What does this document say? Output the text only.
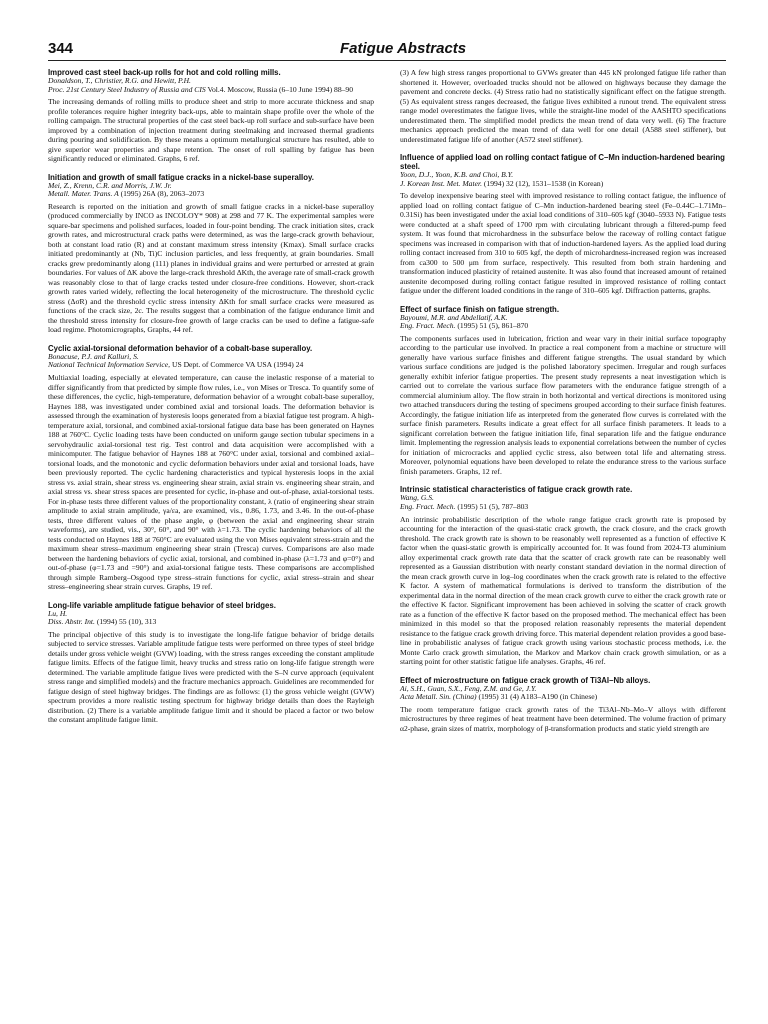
344	Fatigue Abstracts

Improved cast steel back-up rolls for hot and cold rolling mills.

Donaldson, T., Christier, R.G. and Hewitt, P.H.

Proc. 21st Century Steel Industry of Russia and CIS Vol.4. Moscow, Russia (6–10 June 1994) 88–90

The increasing demands of rolling mills to produce sheet and strip to more accurate thickness and snap profile tolerances require higher integrity back-ups, able to maintain shape profile over the whole of the rolling campaign. The structural properties of the cast steel back-up roll surface and sub-surface have been improved by a combination of injection treatment during steelmaking and increased thermal gradients during pouring and solidification. By these means a optimum metallurgical structure has resulted, able to give superior wear properties and shape retention. The onset of roll spalling by fatigue has been significantly reduced or eliminated. Graphs, 6 ref.

Initiation and growth of small fatigue cracks in a nickel-base superalloy.

Mei, Z., Krenn, C.R. and Morris, J.W. Jr.

Metall. Mater. Trans. A (1995) 26A (8), 2063–2073

Research is reported on the initiation and growth of small fatigue cracks in a nickel-base superalloy (produced commercially by INCO as INCOLOY* 908) at 298 and 77 K. The experimental samples were square-bar specimens and polished surfaces, loaded in four-point bending. The crack initiation sites, crack growth rates, and microstructural crack paths were determined, as was the large-crack growth behaviour, both at constant load ratio (R) and at constant maximum stress intensity (Kmax). Small surface cracks initiated predominantly at (Nb, Ti)C inclusion particles, and less frequently, at grain boundaries. Small cracks grew predominantly along (111) planes in individual grains and were perturbed or arrested at grain boundaries. For values of ΔK above the large-crack threshold ΔKth, the average rate of small-crack growth was reasonably close to that of large cracks tested under closure-free conditions. However, short-crack growth rates varied widely, reflecting the local heterogeneity of the microstructure. The threshold cyclic stress (ΔσR) and the threshold cyclic stress intensity ΔKth for small surface cracks were measured as functions of the crack size, 2c. The results suggest that a combination of the fatigue endurance limit and the threshold stress intensity for closure-free growth of large cracks can be used to define a fatigue-safe load regime. Photomicrographs, Graphs, 44 ref.

Cyclic axial-torsional deformation behavior of a cobalt-base superalloy.

Bonacuse, P.J. and Kalluri, S.

National Technical Information Service, US Dept. of Commerce VA USA (1994) 24

Multiaxial loading, especially at elevated temperature, can cause the inelastic response of a material to differ significantly from that predicted by simple flow rules, i.e., von Mises or Tresca. To quantify some of these differences, the cyclic, high-temperature, deformation behavior of a wrought cobalt-base superalloy, Haynes 188, was investigated under combined axial and torsional loads. The deformation behavior is assessed through the examination of hysteresis loops generated from a biaxial fatigue test program. A high-temperature axial, torsional, and combined axial-torsional fatigue data base has been generated on Haynes 188 at 760°C. Cyclic loading tests have been conducted on uniform gauge section tubular specimens in a servohydraulic axial-torsional test rig. Test control and data acquisition were accomplished with a minicomputer. The fatigue behavior of Haynes 188 at 760°C under axial, torsional and combined axial–torsional loads, and the monotonic and cyclic deformation behaviors under axial and torsional loads, have been previously reported. The cyclic hardening characteristics and typical hysteresis loops in the axial stress vs. axial strain, shear stress vs. engineering shear strain, axial strain vs. engineering shear strain, and axial stress vs. shear stress spaces are presented for cyclic, in-phase and out-of-phase, axial-torsional tests. For in-phase tests three different values of the proportionality constant, λ (ratio of engineering shear strain amplitude to axial strain amplitude, γa/εa, are examined, vis., 0.86, 1.73, and 3.46. In the out-of-phase tests, three different values of the phase angle, φ (between the axial and engineering shear strain waveforms), are studied, vis., 30°, 60°, and 90° with λ=1.73. The cyclic hardening behaviors of all the tests conducted on Haynes 188 at 760°C are evaluated using the von Mises equivalent stress-strain and the maximum shear stress–maximum engineering shear strain (Tresca) curves. Comparisons are also made between the hardening behaviors of cyclic axial, torsional, and combined in-phase (λ=1.73 and φ=0°) and out-of-phase (φ=1.73 and =90°) and axial-torsional fatigue tests. These comparisons are accomplished through simple Ramberg–Osgood type stress–strain functions for cyclic, axial stress–strain and shear stress–engineering shear strain curves. Graphs, 19 ref.

Long-life variable amplitude fatigue behavior of steel bridges.

Lu, H.

Diss. Abstr. Int. (1994) 55 (10), 313

The principal objective of this study is to investigate the long-life fatigue behavior of bridge details subjected to service stresses. Variable amplitude fatigue tests were performed on three types of steel bridge details under gross vehicle weight (GVW) loading, with the stress ranges exceeding the constant amplitude fatigue limits. Effects of the fatigue limit, heavy trucks and stress ratio on long-life fatigue strength were determined. The variable amplitude fatigue lives were predicted with the S–N curve approach (equivalent stress range and simplified models) and the fracture mechanics approach. Guidelines are recommended for fatigue design of steel highway bridges. The findings are as follows: (1) the gross vehicle weight (GVW) spectrum provides a more realistic testing spectrum for highway bridge details than does the Rayleigh distribution. (2) There is a variable amplitude fatigue limit and it should be placed a factor or two below the constant amplitude fatigue limit.

(3) A few high stress ranges proportional to GVWs greater than 445 kN prolonged fatigue life rather than shortened it. However, overloaded trucks should not be allowed on highways because they damage the pavement and concrete decks. (4) Stress ratio had no statistically significant effect on the fatigue strength. (5) As equivalent stress ranges decreased, the fatigue lives exhibited a runout trend. The equivalent stress range model overestimates the fatigue lives, while the straight-line model of the AASHTO specifications underestimated them. The simplified model predicts the mean trend of data very well. (6) The fracture mechanics approach predicted the mean trend of data well for one detail (A588 steel stiffener), but underestimated fatigue life of another (A572 steel stiffener).

Influence of applied load on rolling contact fatigue of C–Mn induction-hardened bearing steel.

Yoon, D.J., Yoon, K.B. and Choi, B.Y.

J. Korean Inst. Met. Mater. (1994) 32 (12), 1531–1538 (in Korean)

To develop inexpensive bearing steel with improved resistance to rolling contact fatigue, the influence of applied load on rolling contact fatigue of C–Mn induction-hardened bearing steel (Fe–0.44C–1.71Mn–0.31Si) has been investigated under the axial load conditions of 310–605 kgf (3040–5933 N). Fatigue tests were conducted at a shaft speed of 1700 rpm with circulating lubricant through a filtered-pump feed system. It was found that microhardness in the subsurface below the raceway of rolling contact fatigue specimens was increased in comparison with that of induction-hardened layers. As the applied load during rolling contact increased from 310 to 605 kgf, the depth of microhardness-increased region was increased from ca300 to 500 μm from surface, respectively. This resulted from both strain hardening and transformation induced plasticity of retained austenite. It was also found that increased amount of retained austenite decomposed during rolling contact fatigue resulted in improved resistance of rolling contact fatigue under the different loaded conditions in the range of 310–605 kgf. Diffraction patterns, graphs.

Effect of surface finish on fatigue strength.

Bayoumi, M.R. and Abdellatif, A.K.

Eng. Fract. Mech. (1995) 51 (5), 861–870

The components surfaces used in lubrication, friction and wear vary in their initial surface topography according to the particular use involved. In practice a real component from a machine or structure will generally have various surface finishes and different fatigue strengths. The usual standard by which various surface conditions are judged is the polished laboratory specimen. Irregular and rough surfaces generally exhibit inferior fatigue properties. The present study represents a neat investigation which is carried out to correlate the various surface flow parameters with the endurance fatigue strength of a commercial aluminium alloy. The flow strain in both horizontal and vertical directions is monitored using two attached transducers during the testing of specimens grouped according to their surface finish features. Accordingly, the fatigue initiation life as interpreted from the generated flow curves is correlated with the surface finish parameters. Results indicate a great effect for all surface finish parameters. It leads to a significant correlation between the fatigue initiation life, final separation life and the fatigue endurance limit. Implementing the regression analysis leads to exponential correlations between the number of cycles for initiation of microcracks and applied cyclic stress, also between total life and alternating stress. Moreover, polynomial equations have been developed to relate the endurance stress to the various surface finish parameters. Graphs, 12 ref.

Intrinsic statistical characteristics of fatigue crack growth rate.

Wang, G.S.

Eng. Fract. Mech. (1995) 51 (5), 787–803

An intrinsic probabilistic description of the whole range fatigue crack growth rate is proposed by accounting for the interaction of the quasi-static crack growth, the crack closure, and the crack growth threshold. The crack growth rate is shown to be reasonably well represented as a function of effective K factor when the quasi-static growth is empirically accounted for. It was found from 2024-T3 aluminium alloy experimental crack growth rate data that the scatter of crack growth rate can be reasonably well represented as a Gaussian distribution with nearly constant standard deviation in the normal direction of the mean crack growth curve in log–log coordinates when the crack growth rate is related to the effective K factor. A system of mathematical formulations is derived to transform the distribution of the experimental data in the normal direction of the mean crack growth curve to either the crack growth rate or the effective K factor. Significant improvement has been achieved in solving the scatter of crack growth rate as a function of the effective K factor based on the proposed method. The mechanical effect has been minimized in this model so that the proposed relation reasonably represents the material dependent resistance to the fatigue crack growth driving force. This material dependent relation provides a good base-line in probabilistic analyses of fatigue crack growth using various stochastic process methods, i.e. the Monte Carlo crack growth simulation, the Markov and Markov chain crack growth simulation, or as a starting point for other statistic fatigue life analyses. Graphs, 46 ref.

Effect of microstructure on fatigue crack growth of Ti3Al–Nb alloys.

Ai, S.H., Guan, S.X., Feng, Z.M. and Ge, J.Y.

Acta Metall. Sin. (China) (1995) 31 (4) A183–A190 (in Chinese)

The room temperature fatigue crack growth rates of the Ti3Al–Nb–Mo–V alloys with different microstructures by three regimes of heat treatment have been determined. The volume fraction of primary α2-phase, grain sizes of matrix, morphology of β-transformation products and static yield strength are
